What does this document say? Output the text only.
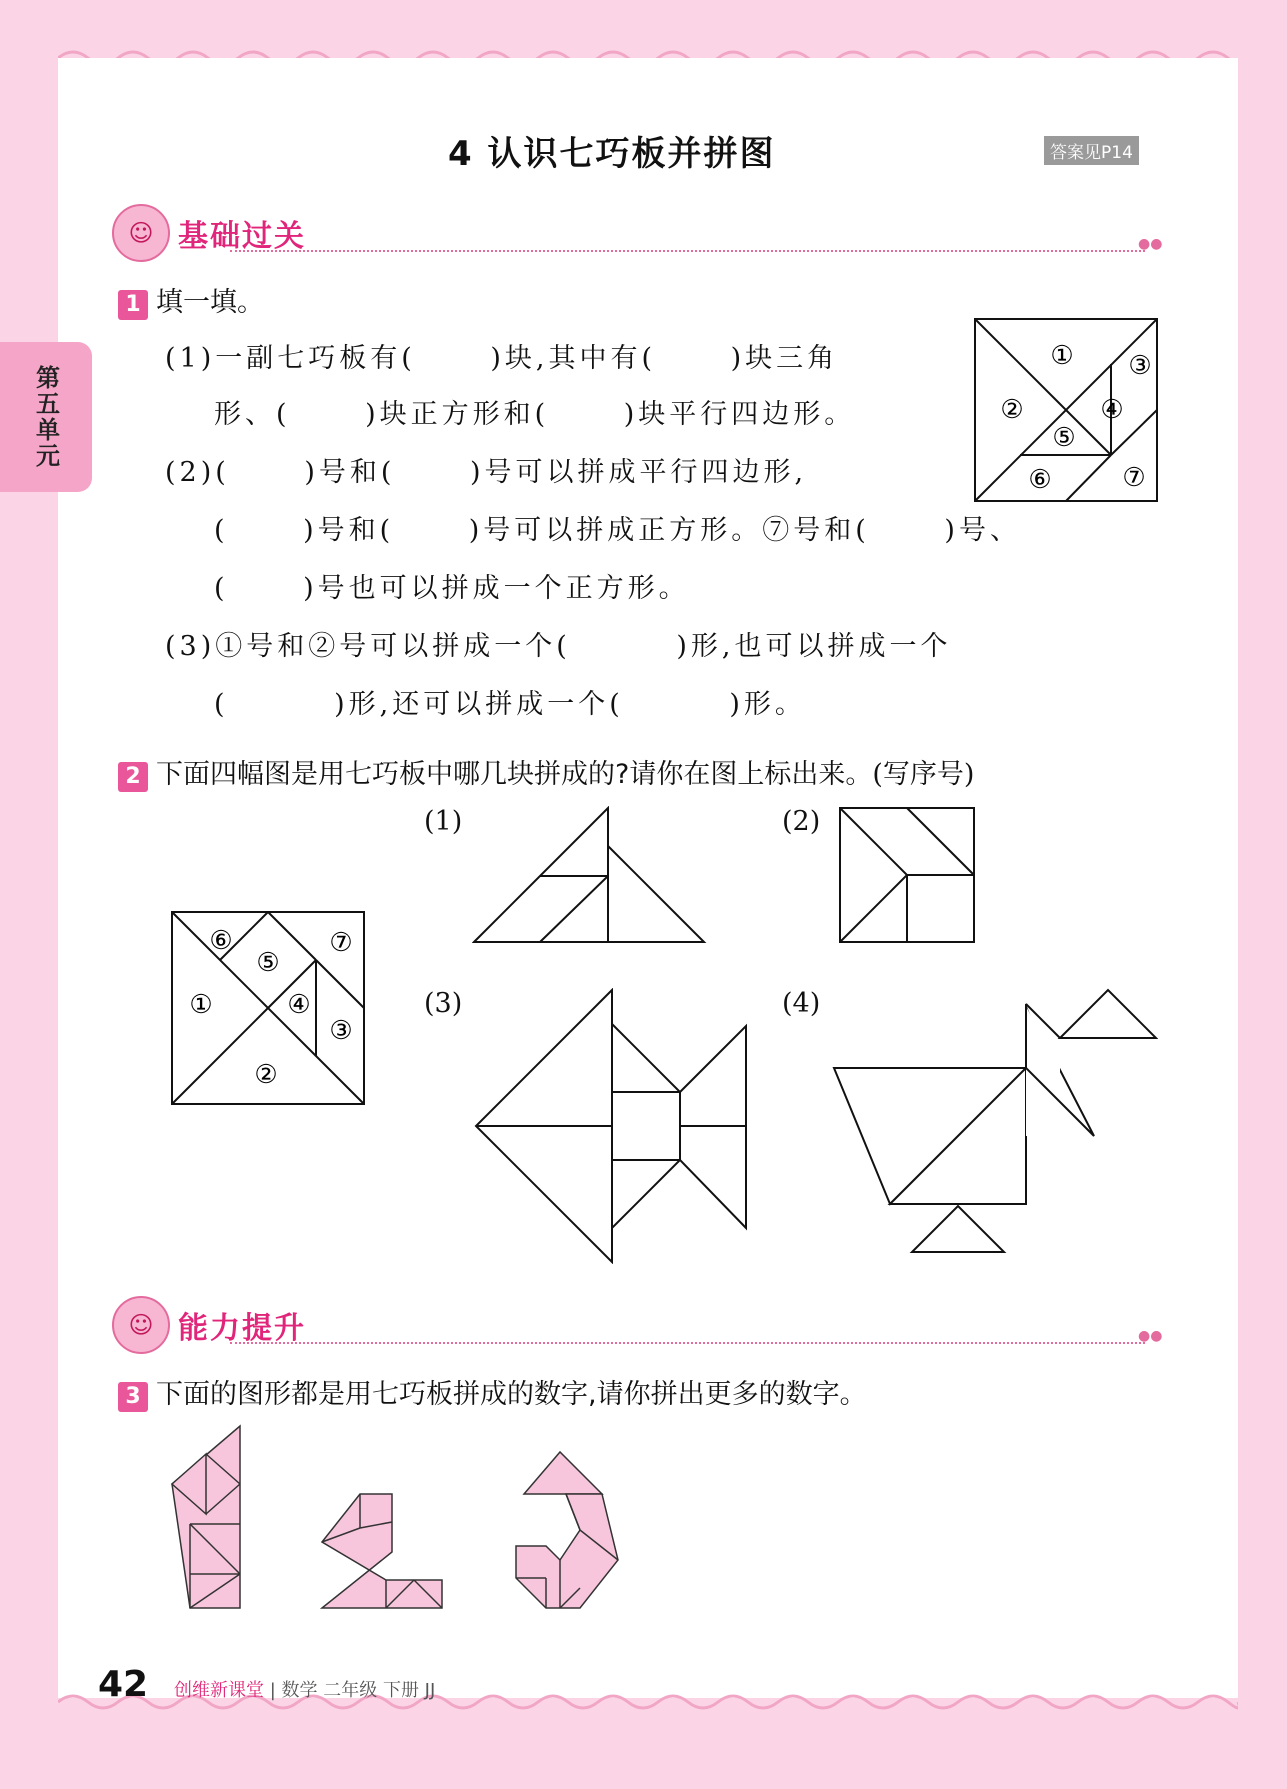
第五单元
4 认识七巧板并拼图	答案见P14
☺ 基础过关	●●
1 填一填。
(1)一副七巧板有(　　 )块,其中有(　　 )块三角
形、(　　 )块正方形和(　　 )块平行四边形。
(2)(　　 )号和(　　 )号可以拼成平行四边形,
(　　 )号和(　　 )号可以拼成正方形。⑦号和(　　 )号、
(　　 )号也可以拼成一个正方形。
(3)①号和②号可以拼成一个(　　　 )形,也可以拼成一个
(　　　 )形,还可以拼成一个(　　　 )形。
①
②
③
④
⑤
⑥	⑦
2 下面四幅图是用七巧板中哪几块拼成的?请你在图上标出来。(写序号)
⑥
⑤
⑦
①	④
③
②
(1)	(2)
(3)	(4)
☺ 能力提升	●●
3 下面的图形都是用七巧板拼成的数字,请你拼出更多的数字。
42 创维新课堂 | 数学 二年级 下册 JJ
